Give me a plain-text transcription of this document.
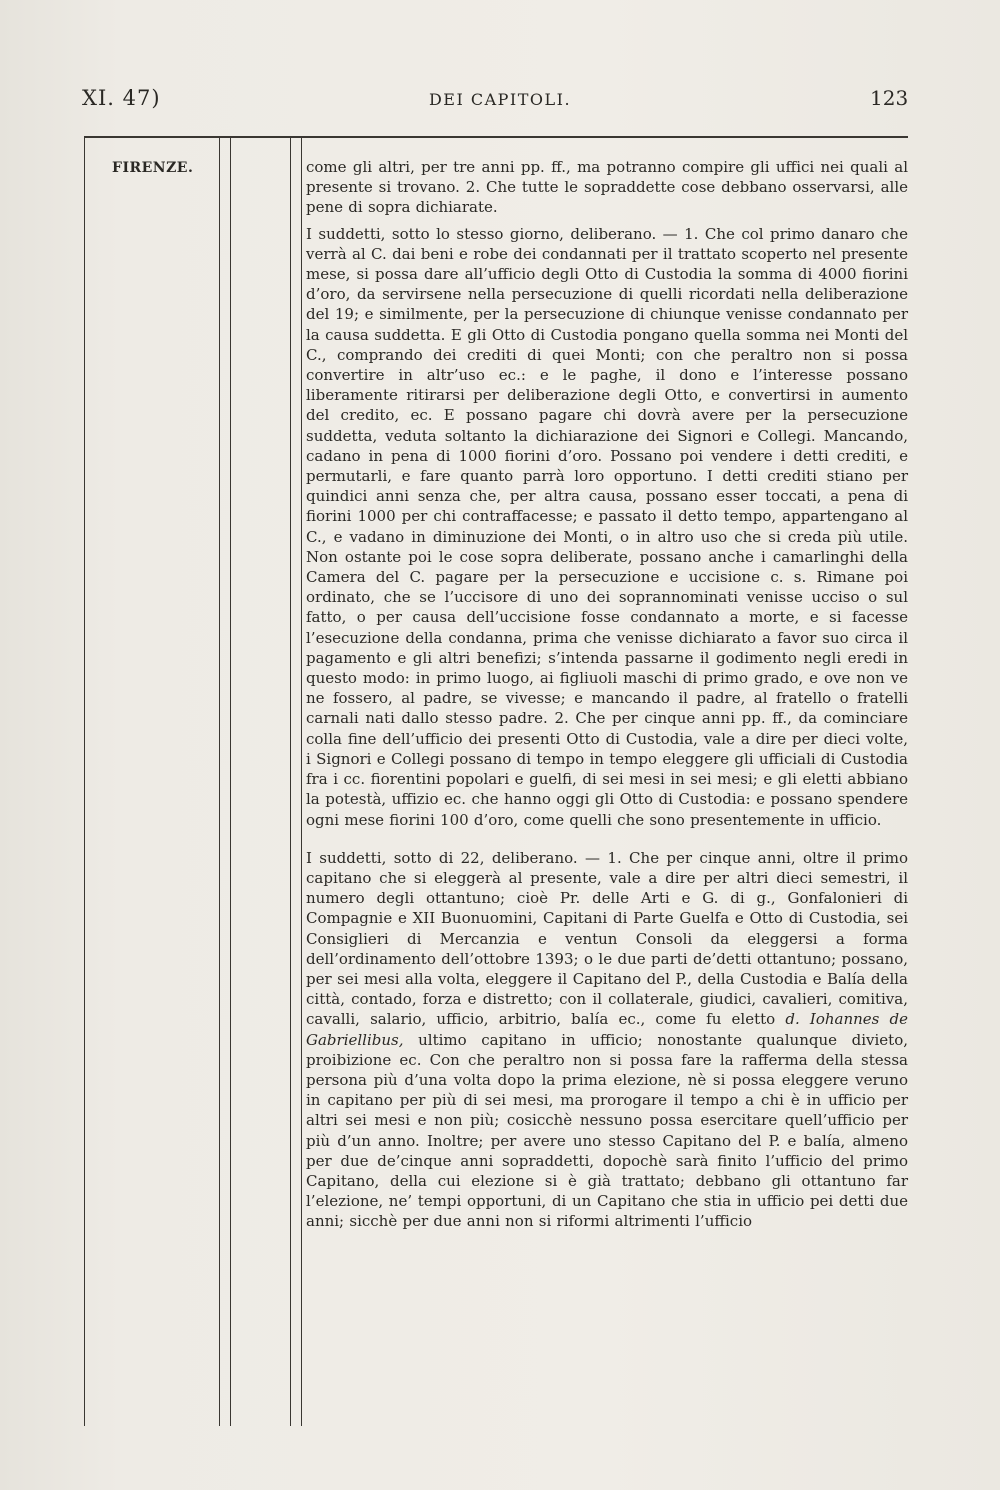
XI. 47)	DEI CAPITOLI.	123
FIRENZE.	come gli altri, per tre anni pp. ff., ma potranno compire gli uffici nei quali al presente si trovano. 2. Che tutte le sopraddette cose debbano osservarsi, alle pene di sopra dichiarate.

I suddetti, sotto lo stesso giorno, deliberano. — 1. Che col primo danaro che verrà al C. dai beni e robe dei condannati per il trattato scoperto nel presente mese, si possa dare all’ufficio degli Otto di Custodia la somma di 4000 fiorini d’oro, da servirsene nella persecuzione di quelli ricordati nella deliberazione del 19; e similmente, per la persecuzione di chiunque venisse condannato per la causa suddetta. E gli Otto di Custodia pongano quella somma nei Monti del C., comprando dei crediti di quei Monti; con che peraltro non si possa convertire in altr’uso ec.: e le paghe, il dono e l’interesse possano liberamente ritirarsi per deliberazione degli Otto, e convertirsi in aumento del credito, ec. E possano pagare chi dovrà avere per la persecuzione suddetta, veduta soltanto la dichiarazione dei Signori e Collegi. Mancando, cadano in pena di 1000 fiorini d’oro. Possano poi vendere i detti crediti, e permutarli, e fare quanto parrà loro opportuno. I detti crediti stiano per quindici anni senza che, per altra causa, possano esser toccati, a pena di fiorini 1000 per chi contraffacesse; e passato il detto tempo, appartengano al C., e vadano in diminuzione dei Monti, o in altro uso che si creda più utile. Non ostante poi le cose sopra deliberate, possano anche i camarlinghi della Camera del C. pagare per la persecuzione e uccisione c. s. Rimane poi ordinato, che se l’uccisore di uno dei soprannominati venisse ucciso o sul fatto, o per causa dell’uccisione fosse condannato a morte, e si facesse l’esecuzione della condanna, prima che venisse dichiarato a favor suo circa il pagamento e gli altri benefizi; s’intenda passarne il godimento negli eredi in questo modo: in primo luogo, ai figliuoli maschi di primo grado, e ove non ve ne fossero, al padre, se vivesse; e mancando il padre, al fratello o fratelli carnali nati dallo stesso padre. 2. Che per cinque anni pp. ff., da cominciare colla fine dell’ufficio dei presenti Otto di Custodia, vale a dire per dieci volte, i Signori e Collegi possano di tempo in tempo eleggere gli ufficiali di Custodia fra i cc. fiorentini popolari e guelfi, di sei mesi in sei mesi; e gli eletti abbiano la potestà, uffizio ec. che hanno oggi gli Otto di Custodia: e possano spendere ogni mese fiorini 100 d’oro, come quelli che sono presentemente in ufficio.

I suddetti, sotto di 22, deliberano. — 1. Che per cinque anni, oltre il primo capitano che si eleggerà al presente, vale a dire per altri dieci semestri, il numero degli ottantuno; cioè Pr. delle Arti e G. di g., Gonfalonieri di Compagnie e XII Buonuomini, Capitani di Parte Guelfa e Otto di Custodia, sei Consiglieri di Mercanzia e ventun Consoli da eleggersi a forma dell’ordinamento dell’ottobre 1393; o le due parti de’detti ottantuno; possano, per sei mesi alla volta, eleggere il Capitano del P., della Custodia e Balía della città, contado, forza e distretto; con il collaterale, giudici, cavalieri, comitiva, cavalli, salario, ufficio, arbitrio, balía ec., come fu eletto d. Iohannes de Gabriellibus, ultimo capitano in ufficio; nonostante qualunque divieto, proibizione ec. Con che peraltro non si possa fare la rafferma della stessa persona più d’una volta dopo la prima elezione, nè si possa eleggere veruno in capitano per più di sei mesi, ma prorogare il tempo a chi è in ufficio per altri sei mesi e non più; cosicchè nessuno possa esercitare quell’ufficio per più d’un anno. Inoltre; per avere uno stesso Capitano del P. e balía, almeno per due de’cinque anni sopraddetti, dopochè sarà finito l’ufficio del primo Capitano, della cui elezione si è già trattato; debbano gli ottantuno far l’elezione, ne’ tempi opportuni, di un Capitano che stia in ufficio pei detti due anni; sicchè per due anni non si riformi altrimenti l’ufficio
